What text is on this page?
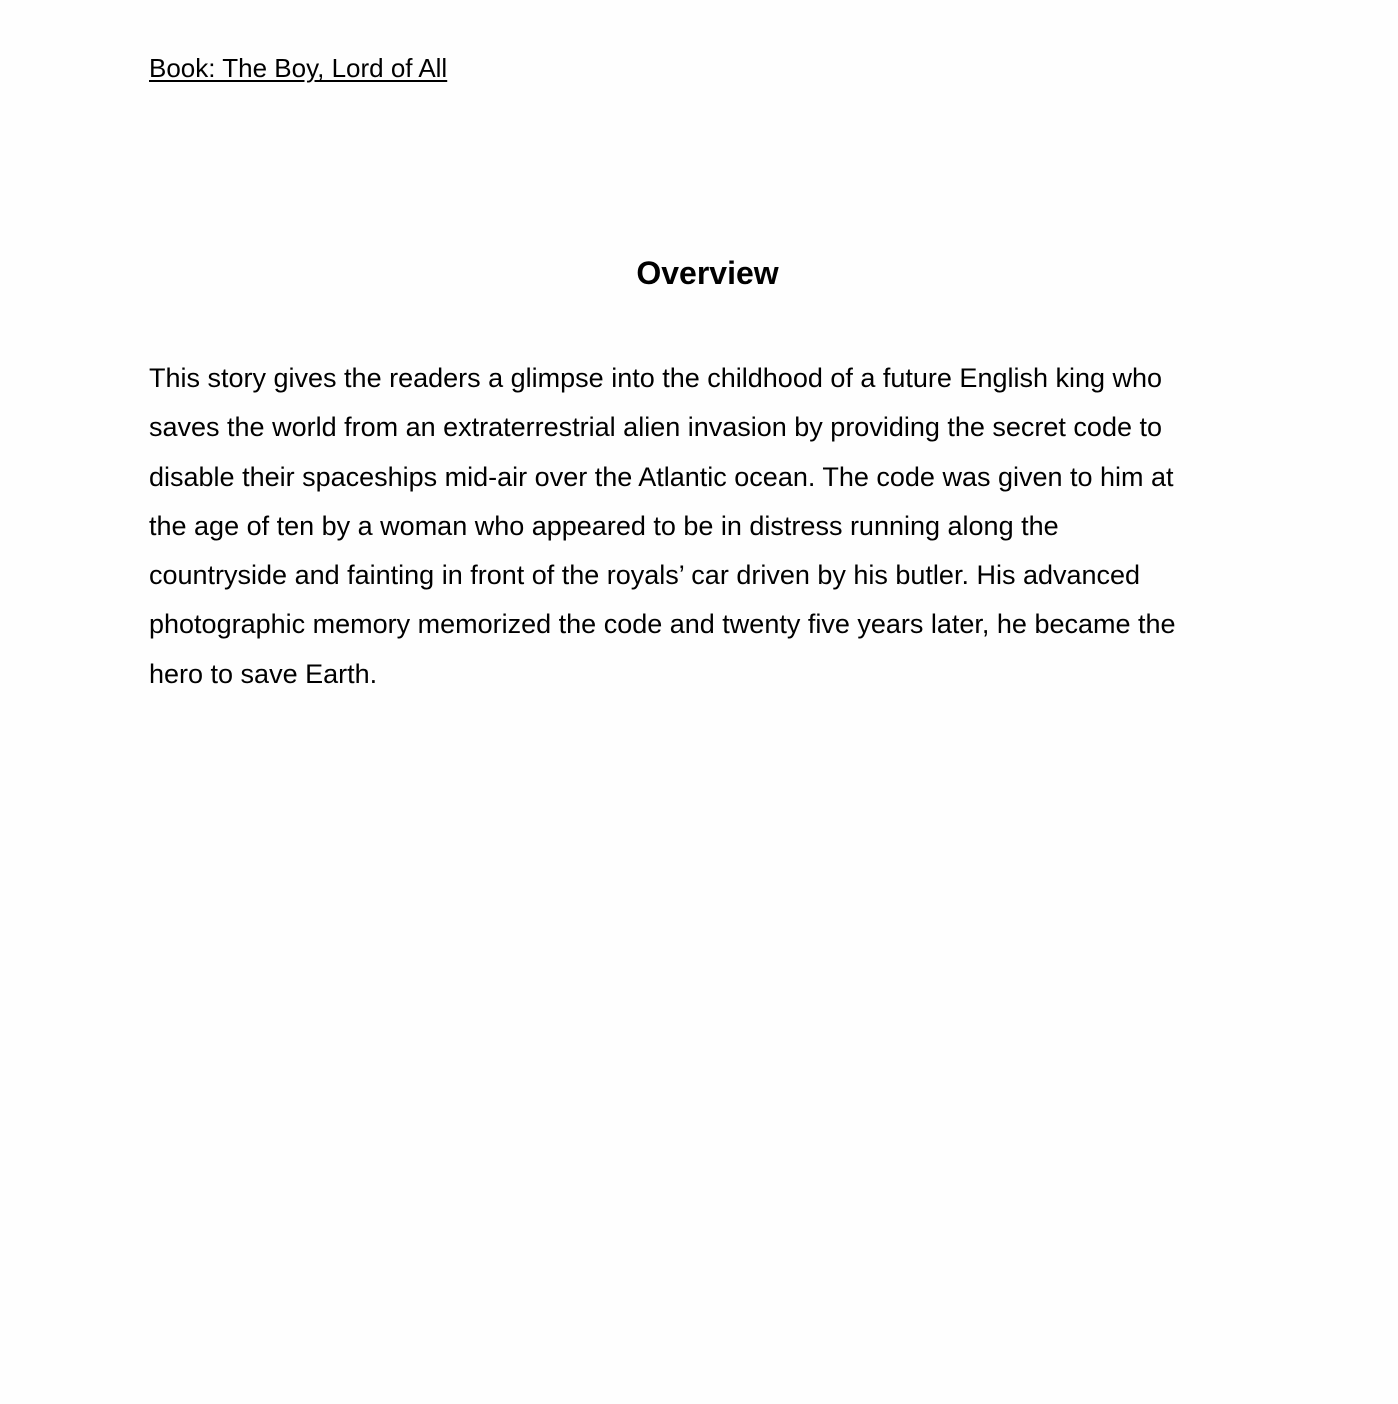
Book: The Boy, Lord of All
Overview
This story gives the readers a glimpse into the childhood of a future English king who
saves the world from an extraterrestrial alien invasion by providing the secret code to
disable their spaceships mid-air over the Atlantic ocean. The code was given to him at
the age of ten by a woman who appeared to be in distress running along the
countryside and fainting in front of the royals’ car driven by his butler. His advanced
photographic memory memorized the code and twenty five years later, he became the
hero to save Earth.
